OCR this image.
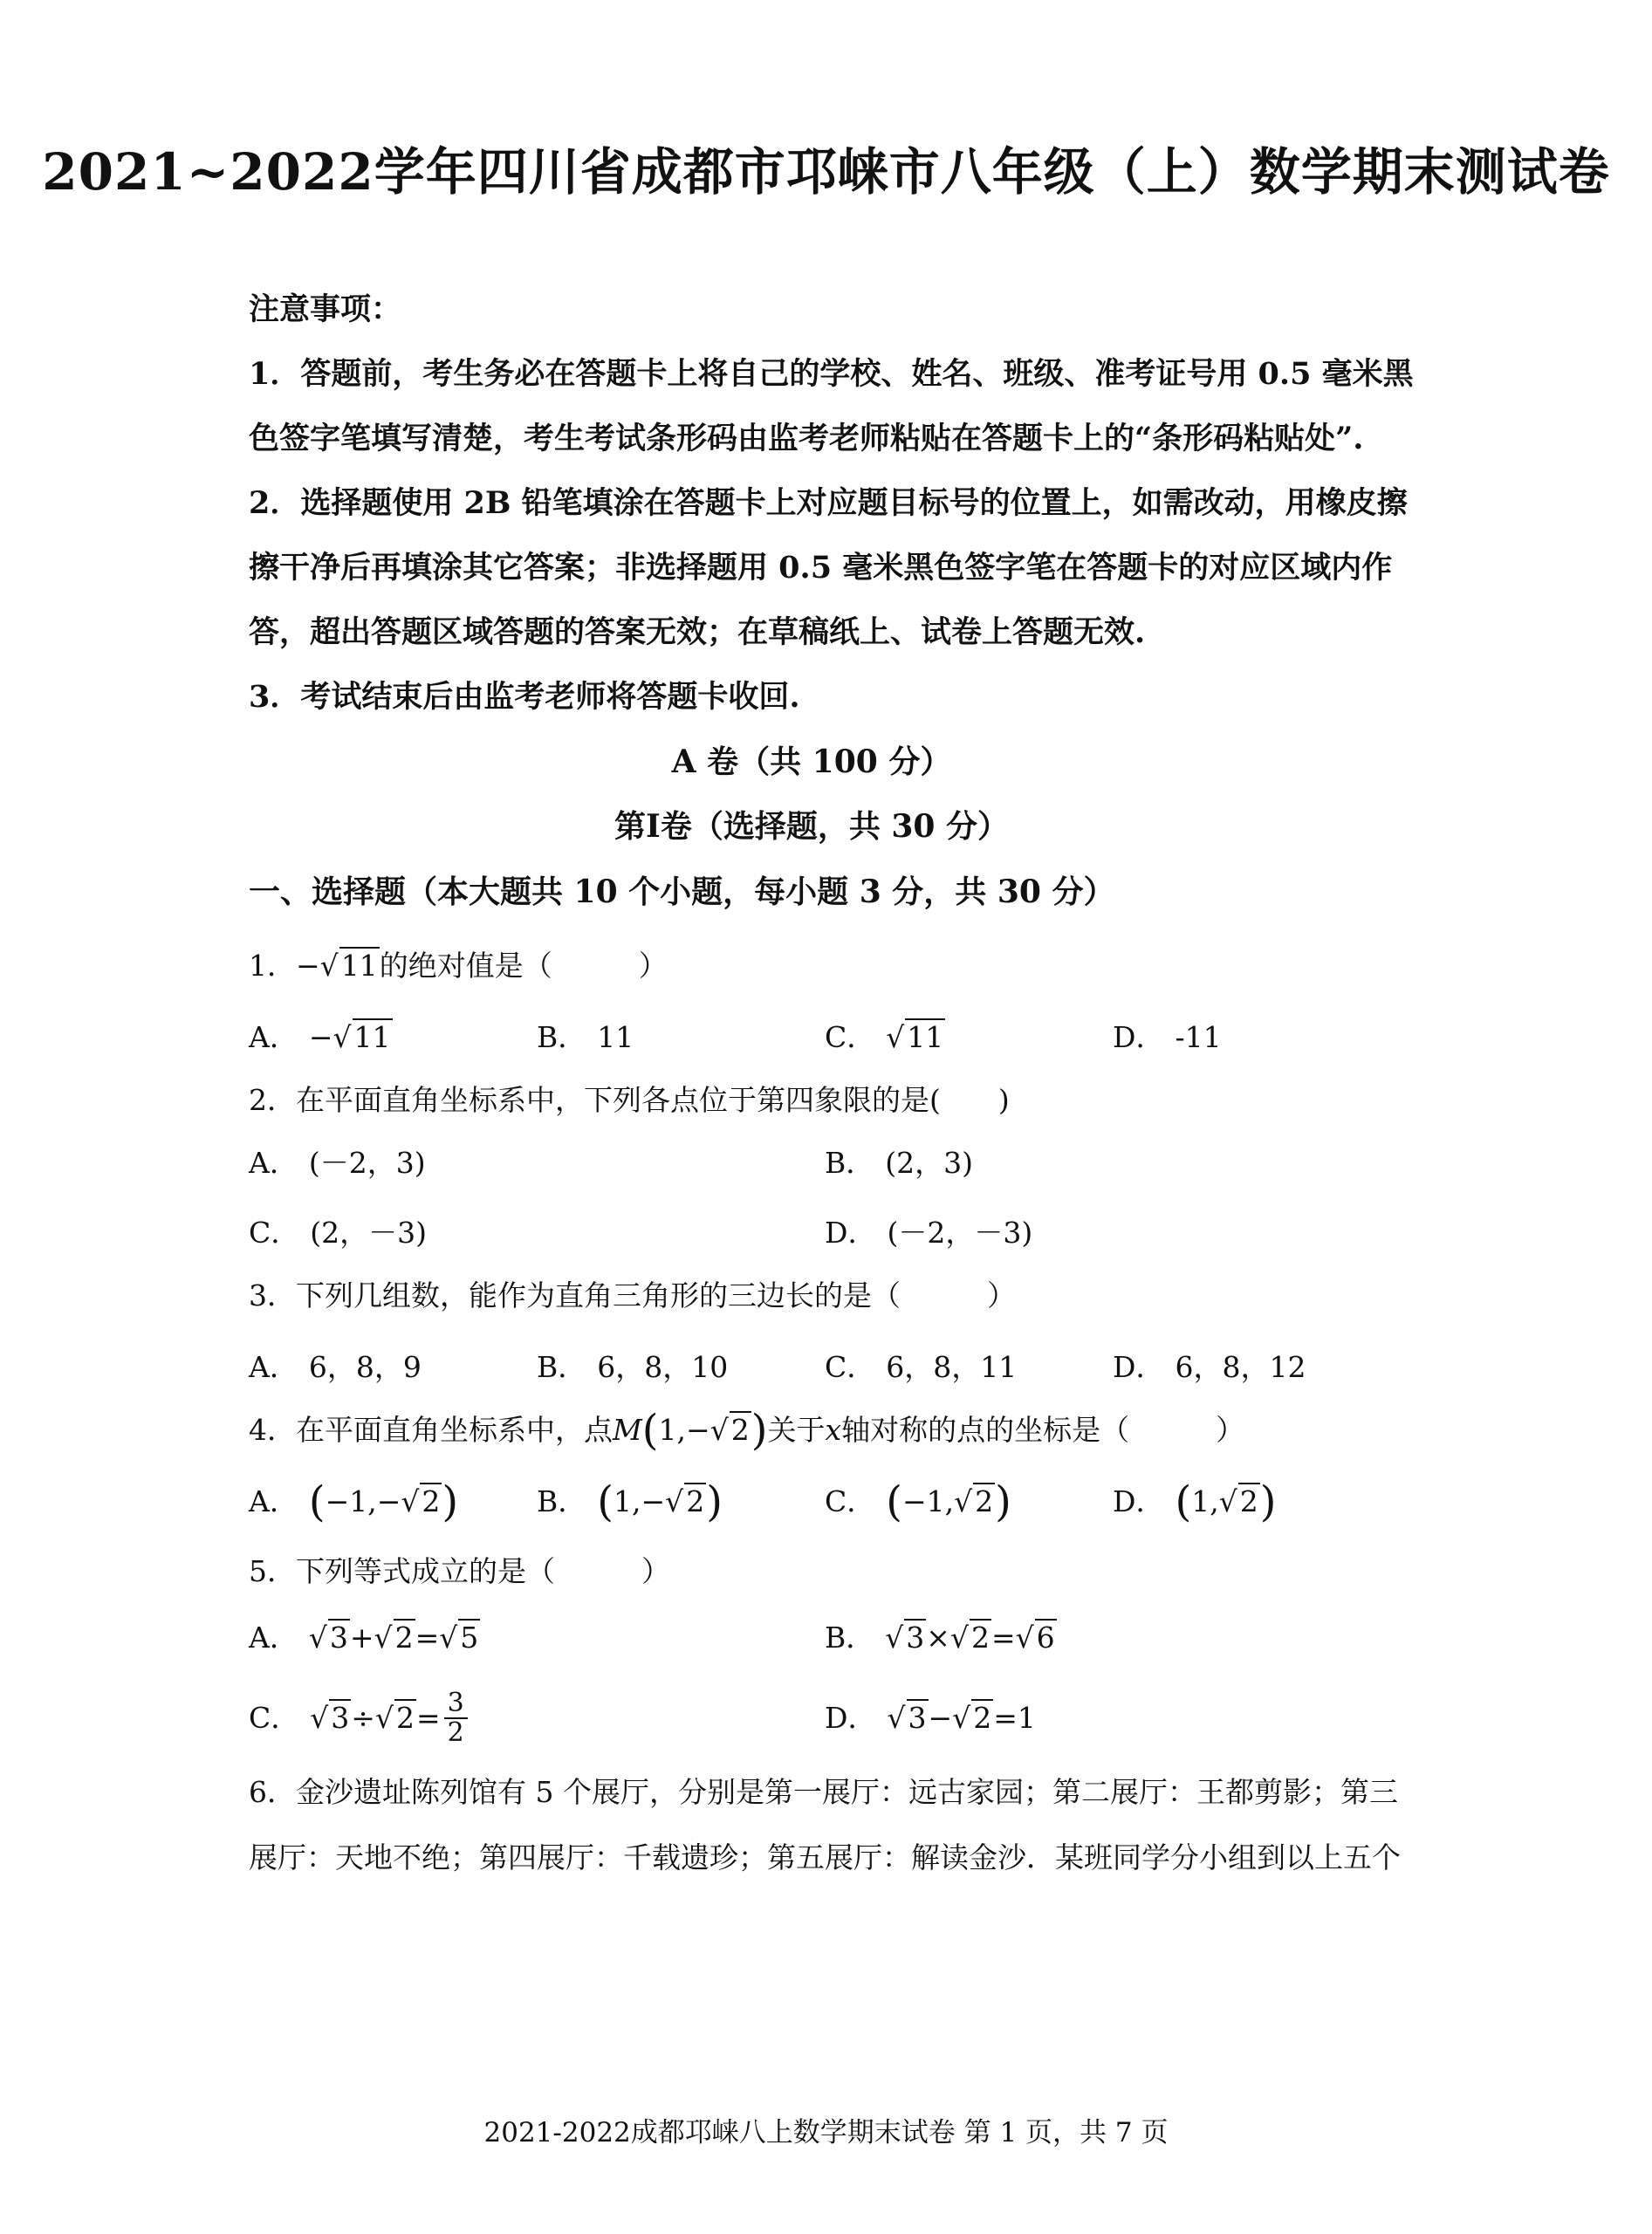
2021~2022学年四川省成都市邛崃市八年级（上）数学期末测试卷
注意事项：

1．答题前，考生务必在答题卡上将自己的学校、姓名、班级、准考证号用 0.5 毫米黑色签字笔填写清楚，考生考试条形码由监考老师粘贴在答题卡上的“条形码粘贴处”.

2．选择题使用 2B 铅笔填涂在答题卡上对应题目标号的位置上，如需改动，用橡皮擦擦干净后再填涂其它答案；非选择题用 0.5 毫米黑色签字笔在答题卡的对应区域内作答，超出答题区域答题的答案无效；在草稿纸上、试卷上答题无效.

3．考试结束后由监考老师将答题卡收回.

A 卷（共 100 分）
第Ⅰ卷（选择题，共 30 分）
一、选择题（本大题共 10 个小题，每小题 3 分，共 30 分）
1．−√11的绝对值是（　　　）
A． − √11	B． 11	C． √11	D． -11
2．在平面直角坐标系中，下列各点位于第四象限的是(　　)
A． (－2，3)	B． (2，3)
C． (2，－3)	D． (－2，－3)
3．下列几组数，能作为直角三角形的三边长的是（　　　）
A． 6，8，9	B． 6，8，10	C． 6，8，11	D． 6，8，12
4．在平面直角坐标系中，点M(1,−√2)关于x轴对称的点的坐标是（　　　）
A． ( −1, − √2 )	B． ( 1, − √2 )	C． ( −1, √2 )	D． ( 1, √2 )
5．下列等式成立的是（　　　）
A． √3 + √2 = √5	B． √3 × √2 = √6
C． $√3 \div √2 = \frac{3}{2}$	D． √3 − √2 = 1
6．金沙遗址陈列馆有 5 个展厅，分别是第一展厅：远古家园；第二展厅：王都剪影；第三
展厅：天地不绝；第四展厅：千载遗珍；第五展厅：解读金沙．某班同学分小组到以上五个
2021-2022成都邛崃八上数学期末试卷 第 1 页，共 7 页
